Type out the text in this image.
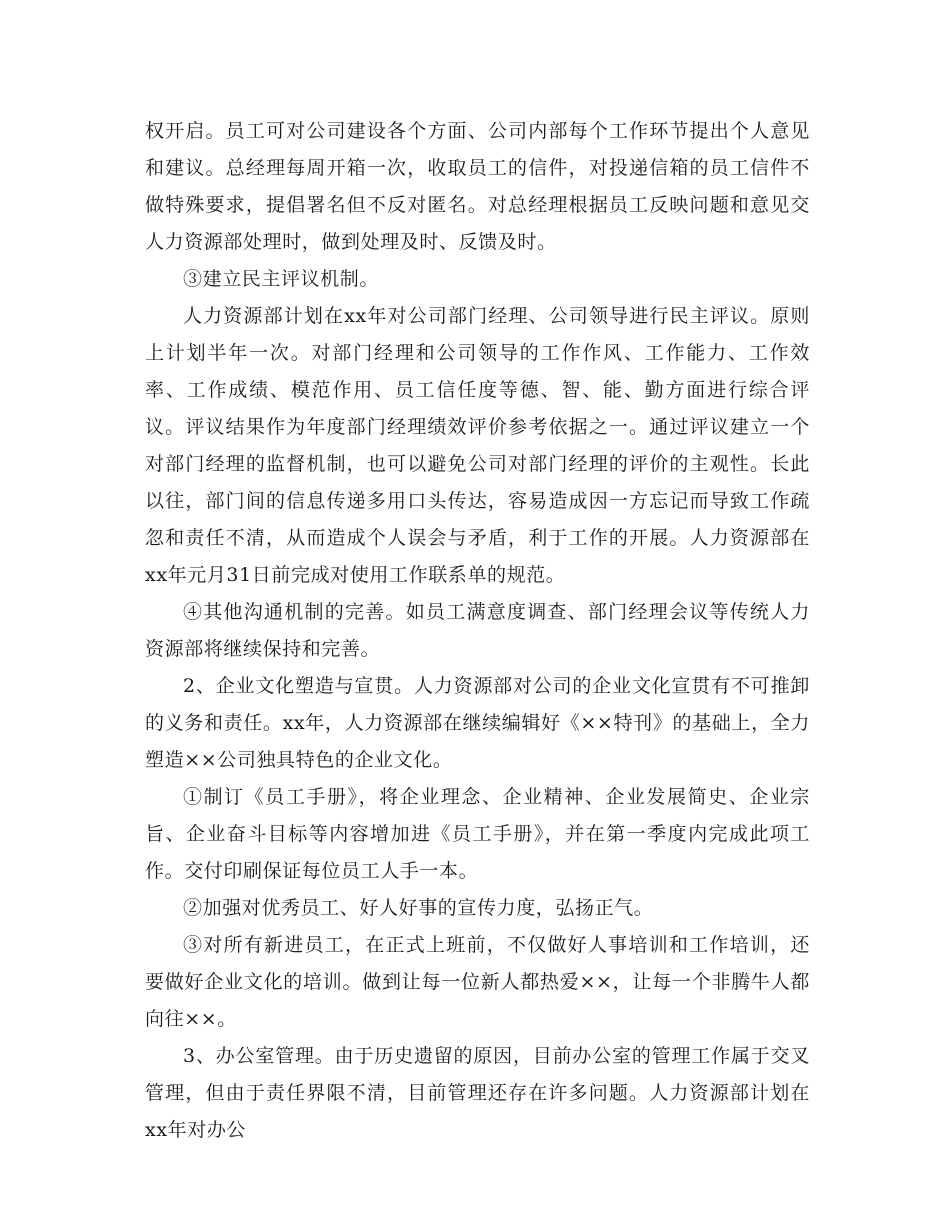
权开启。员工可对公司建设各个方面、公司内部每个工作环节提出个人意见和建议。总经理每周开箱一次，收取员工的信件，对投递信箱的员工信件不做特殊要求，提倡署名但不反对匿名。对总经理根据员工反映问题和意见交人力资源部处理时，做到处理及时、反馈及时。

③建立民主评议机制。

人力资源部计划在xx年对公司部门经理、公司领导进行民主评议。原则上计划半年一次。对部门经理和公司领导的工作作风、工作能力、工作效率、工作成绩、模范作用、员工信任度等德、智、能、勤方面进行综合评议。评议结果作为年度部门经理绩效评价参考依据之一。通过评议建立一个对部门经理的监督机制，也可以避免公司对部门经理的评价的主观性。长此以往，部门间的信息传递多用口头传达，容易造成因一方忘记而导致工作疏忽和责任不清，从而造成个人误会与矛盾，利于工作的开展。人力资源部在xx年元月31日前完成对使用工作联系单的规范。

④其他沟通机制的完善。如员工满意度调查、部门经理会议等传统人力资源部将继续保持和完善。

2、企业文化塑造与宣贯。人力资源部对公司的企业文化宣贯有不可推卸的义务和责任。xx年，人力资源部在继续编辑好《××特刊》的基础上，全力塑造××公司独具特色的企业文化。

①制订《员工手册》，将企业理念、企业精神、企业发展简史、企业宗旨、企业奋斗目标等内容增加进《员工手册》，并在第一季度内完成此项工作。交付印刷保证每位员工人手一本。

②加强对优秀员工、好人好事的宣传力度，弘扬正气。

③对所有新进员工，在正式上班前，不仅做好人事培训和工作培训，还要做好企业文化的培训。做到让每一位新人都热爱××，让每一个非腾牛人都向往××。

3、办公室管理。由于历史遗留的原因，目前办公室的管理工作属于交叉管理，但由于责任界限不清，目前管理还存在许多问题。人力资源部计划在xx年对办公
